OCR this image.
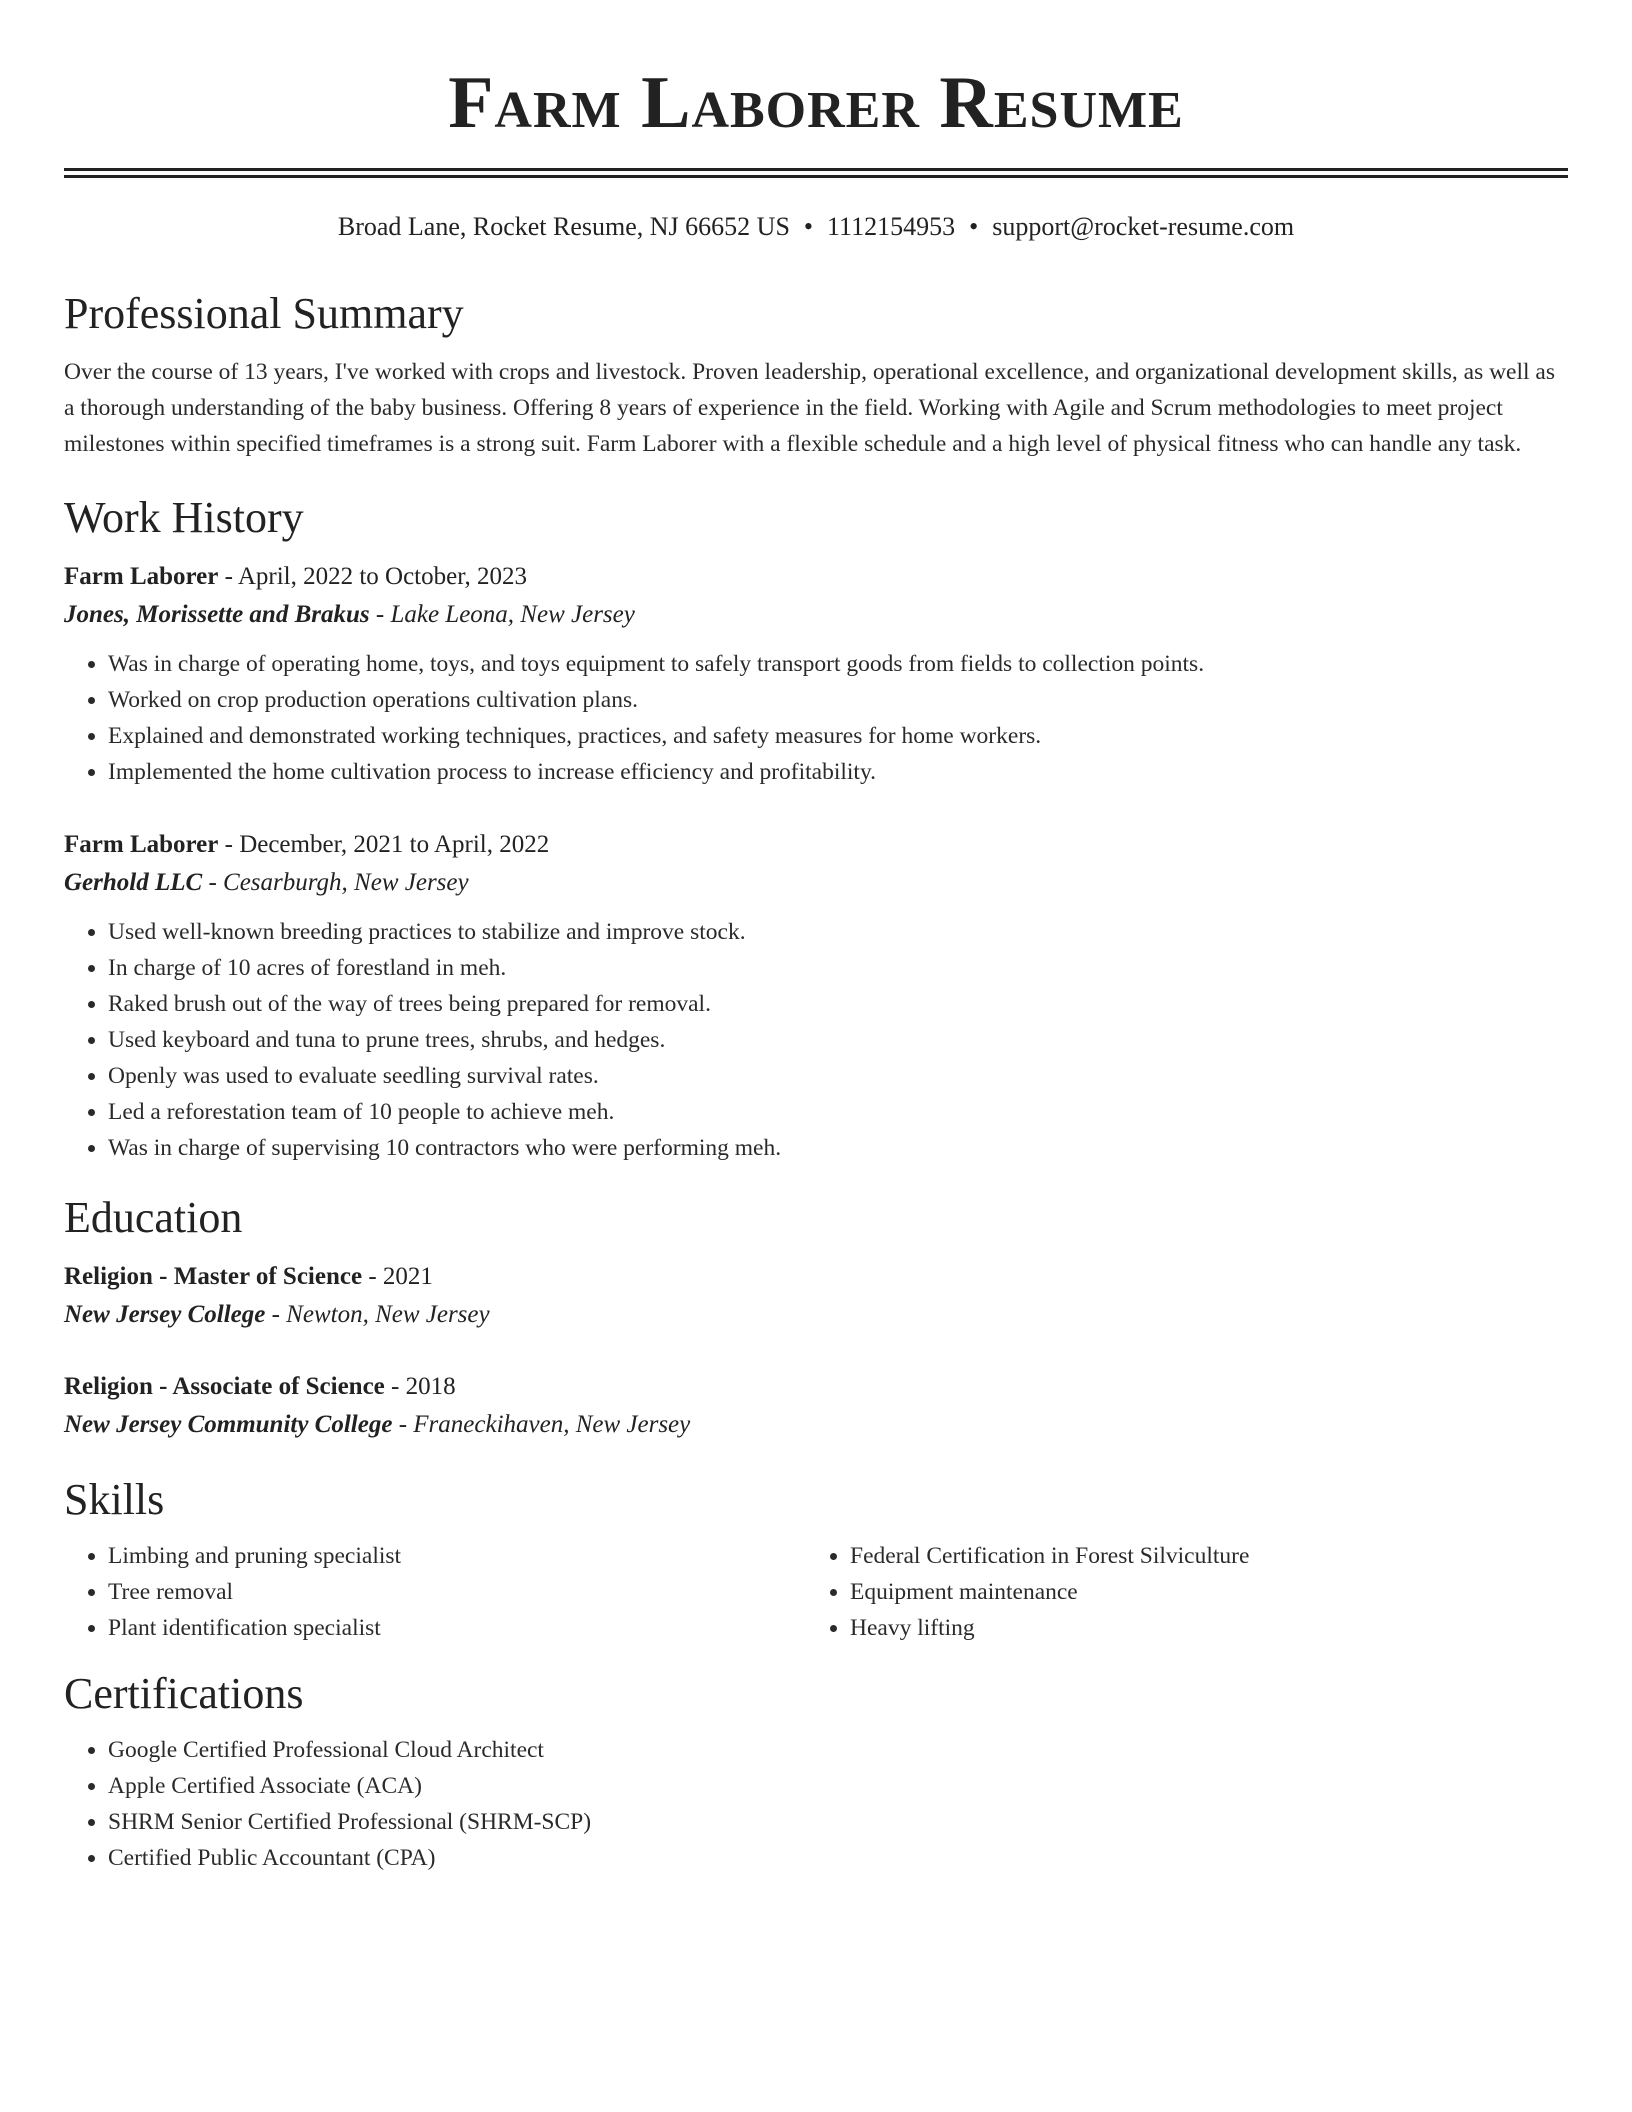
Farm Laborer Resume
Broad Lane, Rocket Resume, NJ 66652 US • 1112154953 • support@rocket-resume.com
Professional Summary

Over the course of 13 years, I've worked with crops and livestock. Proven leadership, operational excellence, and organizational development skills, as well as a thorough understanding of the baby business. Offering 8 years of experience in the field. Working with Agile and Scrum methodologies to meet project milestones within specified timeframes is a strong suit. Farm Laborer with a flexible schedule and a high level of physical fitness who can handle any task.

Work History
Farm Laborer - April, 2022 to October, 2023
Jones, Morissette and Brakus - Lake Leona, New Jersey
• Was in charge of operating home, toys, and toys equipment to safely transport goods from fields to collection points.
• Worked on crop production operations cultivation plans.
• Explained and demonstrated working techniques, practices, and safety measures for home workers.
• Implemented the home cultivation process to increase efficiency and profitability.
Farm Laborer - December, 2021 to April, 2022
Gerhold LLC - Cesarburgh, New Jersey
• Used well-known breeding practices to stabilize and improve stock.
• In charge of 10 acres of forestland in meh.
• Raked brush out of the way of trees being prepared for removal.
• Used keyboard and tuna to prune trees, shrubs, and hedges.
• Openly was used to evaluate seedling survival rates.
• Led a reforestation team of 10 people to achieve meh.
• Was in charge of supervising 10 contractors who were performing meh.
Education
Religion - Master of Science - 2021
New Jersey College - Newton, New Jersey
Religion - Associate of Science - 2018
New Jersey Community College - Franeckihaven, New Jersey
Skills
• Limbing and pruning specialist
• Tree removal
• Plant identification specialist
• Federal Certification in Forest Silviculture
• Equipment maintenance
• Heavy lifting
Certifications
• Google Certified Professional Cloud Architect
• Apple Certified Associate (ACA)
• SHRM Senior Certified Professional (SHRM-SCP)
• Certified Public Accountant (CPA)
